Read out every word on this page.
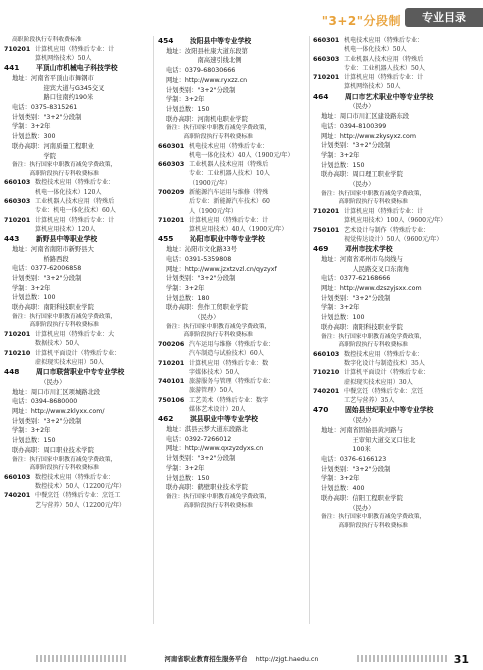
"3+2"分段制	专业目录
高职阶段执行专科收费标准
710201 计算机应用（特殊后专业：计
算机网络技术）50人
441	平顶山市机械电子科技学校
地址：河南省平顶山市舞钢市
　　　　　迎宾大道与G345交叉
　　　　　路口往南约190米
电话：0375-8315261
计划类别："3+2"分段制
学制：3+2年
计划总数：300
联办高职：河南质量工程职业
　　　　　学院
备注：执行国家中职教育减免学费政策，
　　　高职阶段执行专科收费标准
660103 数控技术应用（特殊后专业：
机电一体化技术）120人
660303 工业机器人技术应用（特殊后
专业：机电一体化技术）60人
710201 计算机应用（特殊后专业：计
算机应用技术）120人
443	新野县中等职业学校
地址：河南省南阳市新野县大
　　　　　桥路西段
电话：0377-62006858
计划类别："3+2"分段制
学制：3+2年
计划总数：100
联办高职：南阳科技职业学院
备注：执行国家中职教育减免学费政策，
　　　高职阶段执行专科收费标准
710201 计算机应用（特殊后专业：大
数据技术）50人
710210 计算机平面设计（特殊后专业：
虚拟现实技术应用）50人
448	周口市联营职业中专专业学校
　　　　　（民办）
地址：周口市川汇区项城路北段
电话：0394-8680000
网址：http://www.zklyxx.com/
计划类别："3+2"分段制
学制：3+2年
计划总数：150
联办高职：周口职业技术学院
备注：执行国家中职教育减免学费政策，
　　　高职阶段执行专科收费标准
660103 数控技术应用（特殊后专业：
数控技术）50人（12200元/年）
740201 中餐烹饪（特殊后专业：烹饪工
艺与营养）50人（12200元/年）
454	汝阳县中等专业学校
地址：汝阳县杜康大道东段第
　　　　　南高速引线北侧
电话：0379-68030666
网址：http://www.ryxzz.cn
计划类别："3+2"分段制
学制：3+2年
计划总数：150
联办高职：河南机电职业学院
备注：执行国家中职教育减免学费政策，
　　　高职阶段执行专科收费标准
660301 机电技术应用（特殊后专业：
机电一体化技术）40人（1900元/年）
660303 工业机器人技术应用（特殊后
专业：工业机器人技术）10人
（1900元/年）
700209 新能源汽车运用与维修（特殊
后专业：新能源汽车技术）60
人（1900元/年）
710201 计算机应用（特殊后专业：计
算机应用技术）40人（1900元/年）
455	沁阳市职业中等专业学校
地址：沁阳市文化路33号
电话：0391-5359808
网址：http://www.jzxtzvzl.cn/qyzyxf
计划类别："3+2"分段制
学制：3+2年
计划总数：180
联办高职：焦作工贸职业学院
　　　　　（民办）
备注：执行国家中职教育减免学费政策，
　　　高职阶段执行专科收费标准
700206 汽车运用与维修（特殊后专业：
汽车制造与试验技术）60人
710201 计算机应用（特殊后专业：数
字媒体技术）50人
740101 旅游服务与管理（特殊后专业：
旅游管理）50人
750106 工艺美术（特殊后专业：数字
媒体艺术设计）20人
462	淇县职业中等专业学校
地址：淇县云梦大道东段路北
电话：0392-7266012
网址：http://www.qxzyzdyxs.cn
计划类别："3+2"分段制
学制：3+2年
计划总数：150
联办高职：鹤壁职业技术学院
备注：执行国家中职教育减免学费政策，
　　　高职阶段执行专科收费标准
660301 机电技术应用（特殊后专业：
机电一体化技术）50人
660303 工业机器人技术应用（特殊后
专业：工业机器人技术）50人
710201 计算机应用（特殊后专业：计
算机网络技术）50人
464	周口市艺术职业中等专业学校
　　　　　（民办）
地址：周口市川汇区建设路东段
电话：0394-8100399
网址：http://www.zkysyxz.com
计划类别："3+2"分段制
学制：3+2年
计划总数：150
联办高职：周口理工职业学院
　　　　　（民办）
备注：执行国家中职教育减免学费政策，
　　　高职阶段执行专科收费标准
710201 计算机应用（特殊后专业：计
算机应用技术）100人（9600元/年）
750101 艺术设计与制作（特殊后专业：
视觉传达设计）50人（9600元/年）
469	邓州市技术学校
地址：河南省邓州市乌岗线与
　　　　　人民路交叉口东南角
电话：0377-62168666
网址：http://www.dzszyjsxx.com
计划类别："3+2"分段制
学制：3+2年
计划总数：100
联办高职：南阳科技职业学院
备注：执行国家中职教育减免学费政策，
　　　高职阶段执行专科收费标准
660103 数控技术应用（特殊后专业：
数字化设计与制造技术）35人
710210 计算机平面设计（特殊后专业：
虚拟现实技术应用）30人
740201 中餐烹饪（特殊后专业：烹饪
工艺与营养）35人
470	固始县世纪职业中等专业学校
　　　　　（民办）
地址：河南省固始县黄河路与
　　　　　王审知大道交叉口往北
　　　　　100米
电话：0376-6166123
计划类别："3+2"分段制
学制：3+2年
计划总数：400
联办高职：信阳工程职业学院
　　　　　（民办）
备注：执行国家中职教育减免学费政策，
　　　高职阶段执行专科收费标准
河南省职业教育招生服务平台 http://zjgt.haedu.cn	31
